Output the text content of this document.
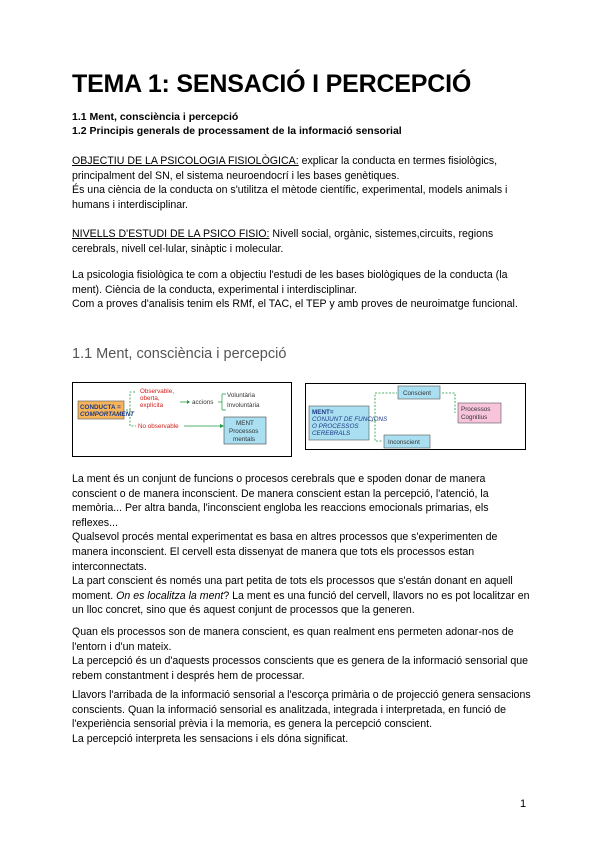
TEMA 1: SENSACIÓ I PERCEPCIÓ
1.1 Ment, consciència i percepció
1.2 Principis generals de processament de la informació sensorial

OBJECTIU DE LA PSICOLOGIA FISIOLÒGICA: explicar la conducta en termes fisiològics, principalment del SN, el sistema neuroendocrí i les bases genètiques.

És una ciència de la conducta on s'utilitza el mètode científic, experimental, models animals i humans i interdisciplinar.

NIVELLS D'ESTUDI DE LA PSICO FISIO: Nivell social, orgànic, sistemes,circuits, regions cerebrals, nivell cel·lular, sinàptic i molecular.

La psicologia fisiològica te com a objectiu l'estudi de les bases biològiques de la conducta (la ment). Ciència de la conducta, experimental i interdisciplinar.

Com a proves d'analisis tenim els RMf, el TAC, el TEP y amb proves de neuroimatge funcional.

1.1 Ment, consciència i percepció
CONDUCTA =
COMPORTAMENT
Observable,
oberta,
explícita	accions
Voluntària
Involuntària
No observable	MENT
Processos
mentals
MENT=
CONJUNT DE FUNCIONS
O PROCESSOS
CEREBRALS
Conscient
Inconscient
Processos
Cognitius

La ment és un conjunt de funcions o procesos cerebrals que e spoden donar de manera conscient o de manera inconscient. De manera conscient estan la percepció, l'atenció, la memòria... Per altra banda, l'inconscient engloba les reaccions emocionals primarias, els reflexes...

Qualsevol procés mental experimentat es basa en altres processos que s'experimenten de manera inconscient. El cervell esta dissenyat de manera que tots els processos estan interconnectats.

La part conscient és només una part petita de tots els processos que s'están donant en aquell moment. On es localitza la ment? La ment es una funció del cervell, llavors no es pot localitzar en un lloc concret, sino que és aquest conjunt de processos que la generen.

Quan els processos son de manera conscient, es quan realment ens permeten adonar-nos de l'entorn i d'un mateix.

La percepció és un d'aquests processos conscients que es genera de la informació sensorial que rebem constantment i després hem de processar.

Llavors l'arribada de la informació sensorial a l'escorça primària o de projecció genera sensacions conscients. Quan la informació sensorial es analitzada, integrada i interpretada, en funció de l'experiència sensorial prèvia i la memoria, es genera la percepció conscient.

La percepció interpreta les sensacions i els dóna significat.

1
